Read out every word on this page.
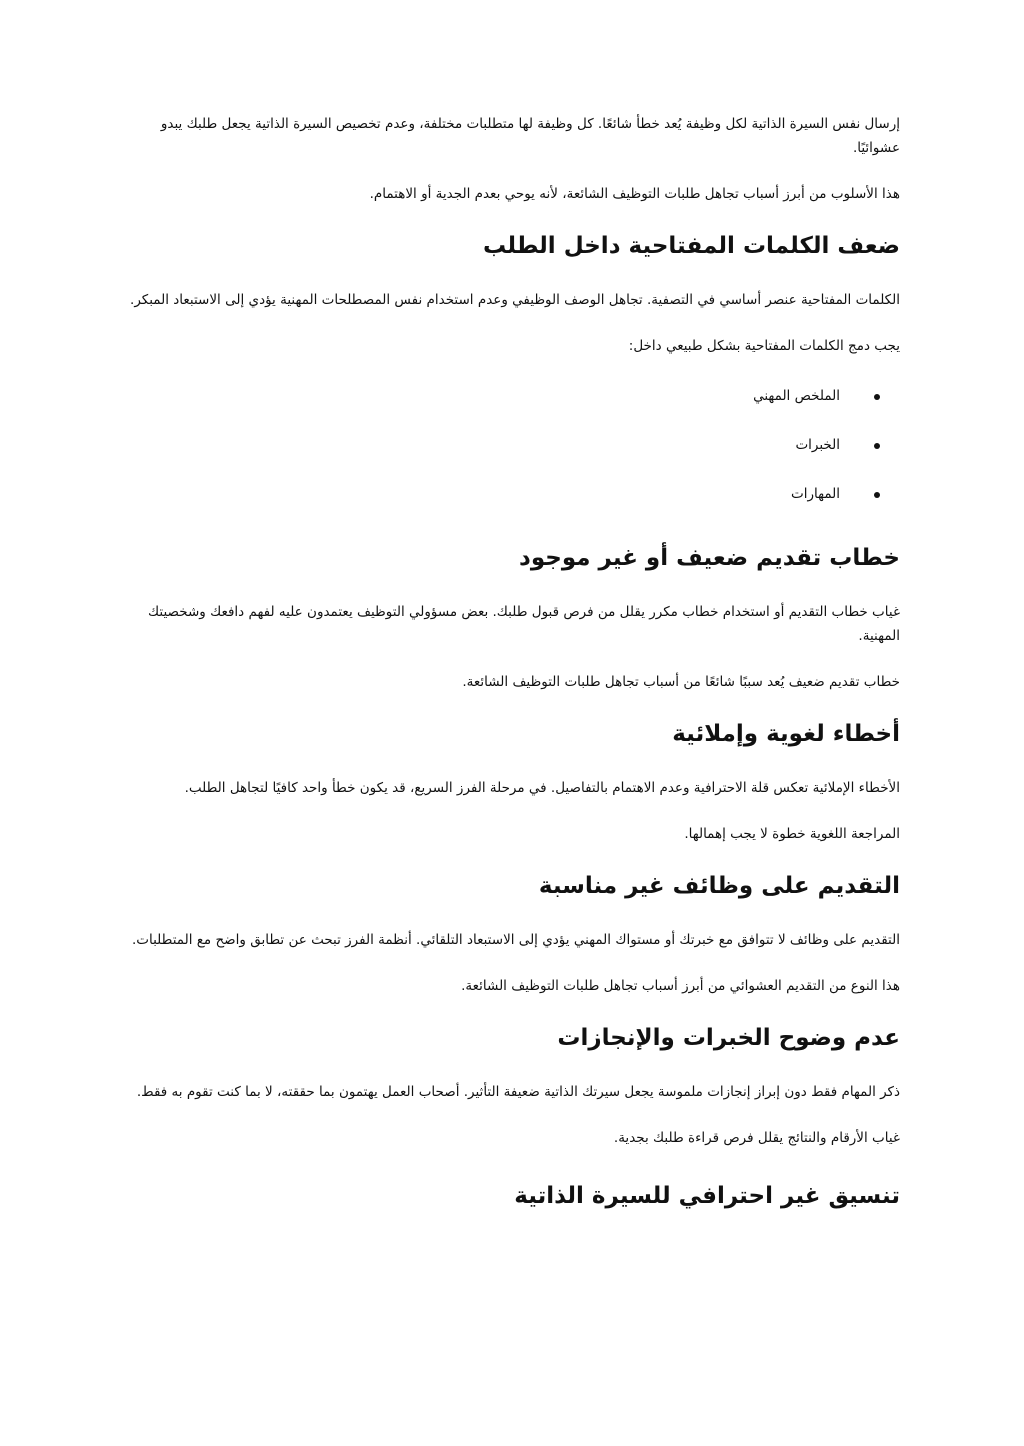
إرسال نفس السيرة الذاتية لكل وظيفة يُعد خطأ شائعًا. كل وظيفة لها متطلبات مختلفة، وعدم تخصيص السيرة الذاتية يجعل طلبك يبدو عشوائيًا.

هذا الأسلوب من أبرز أسباب تجاهل طلبات التوظيف الشائعة، لأنه يوحي بعدم الجدية أو الاهتمام.

ضعف الكلمات المفتاحية داخل الطلب

الكلمات المفتاحية عنصر أساسي في التصفية. تجاهل الوصف الوظيفي وعدم استخدام نفس المصطلحات المهنية يؤدي إلى الاستبعاد المبكر.

يجب دمج الكلمات المفتاحية بشكل طبيعي داخل:

الملخص المهني
الخبرات
المهارات
خطاب تقديم ضعيف أو غير موجود

غياب خطاب التقديم أو استخدام خطاب مكرر يقلل من فرص قبول طلبك. بعض مسؤولي التوظيف يعتمدون عليه لفهم دافعك وشخصيتك المهنية.

خطاب تقديم ضعيف يُعد سببًا شائعًا من أسباب تجاهل طلبات التوظيف الشائعة.

أخطاء لغوية وإملائية

الأخطاء الإملائية تعكس قلة الاحترافية وعدم الاهتمام بالتفاصيل. في مرحلة الفرز السريع، قد يكون خطأ واحد كافيًا لتجاهل الطلب.

المراجعة اللغوية خطوة لا يجب إهمالها.

التقديم على وظائف غير مناسبة

التقديم على وظائف لا تتوافق مع خبرتك أو مستواك المهني يؤدي إلى الاستبعاد التلقائي. أنظمة الفرز تبحث عن تطابق واضح مع المتطلبات.

هذا النوع من التقديم العشوائي من أبرز أسباب تجاهل طلبات التوظيف الشائعة.

عدم وضوح الخبرات والإنجازات

ذكر المهام فقط دون إبراز إنجازات ملموسة يجعل سيرتك الذاتية ضعيفة التأثير. أصحاب العمل يهتمون بما حققته، لا بما كنت تقوم به فقط.

غياب الأرقام والنتائج يقلل فرص قراءة طلبك بجدية.

تنسيق غير احترافي للسيرة الذاتية
